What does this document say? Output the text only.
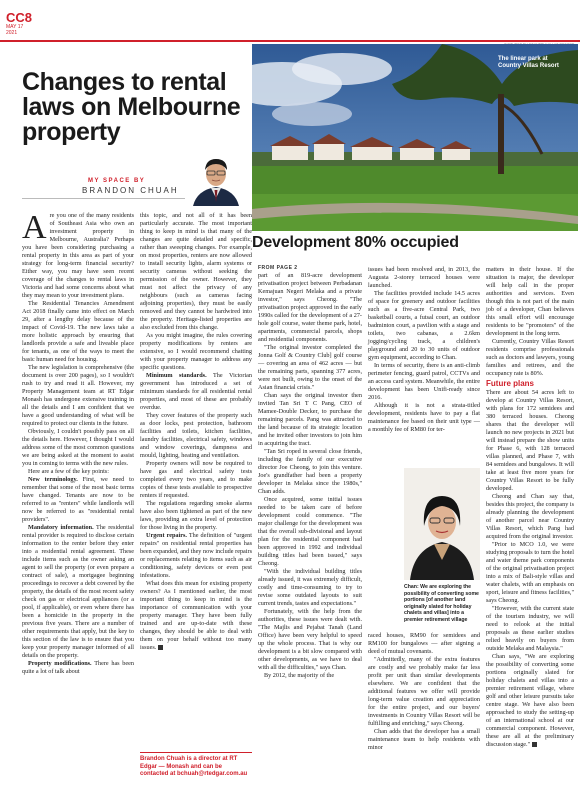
CC8
MAY 17
2021
Changes to rental laws on Melbourne property
MY SPACE BY
BRANDON CHUAH
The linear park at Country Villas Resort

Are you one of the many residents of Southeast Asia who own an investment property in Melbourne, Australia? Perhaps you have been considering purchasing a rental property in this area as part of your strategy for long-term financial security? Either way, you may have seen recent coverage of the changes to rental laws in Victoria and had some concerns about what they may mean to your investment plans.

The Residential Tenancies Amendment Act 2018 finally came into effect on March 29, after a lengthy delay because of the impact of Covid-19. The new laws take a more holistic approach by ensuring that landlords provide a safe and liveable place for tenants, as one of the ways to meet the basic human need for housing.

The new legislation is comprehensive (the document is over 200 pages), so I wouldn't rush to try and read it all. However, my Property Management team at RT Edgar Monash has undergone extensive training in all the details and I am confident that we have a good understanding of what will be required to protect our clients in the future.

Obviously, I couldn't possibly pass on all the details here. However, I thought I would address some of the most common questions we are being asked at the moment to assist you in coming to terms with the new rules.

Here are a few of the key points:

New terminology. First, we need to remember that some of the most basic terms have changed. Tenants are now to be referred to as "renters" while landlords will now be referred to as "residential rental providers".

Mandatory information. The residential rental provider is required to disclose certain information to the renter before they enter into a residential rental agreement. These include items such as the owner asking an agent to sell the property (or even prepare a contract of sale), a mortgagee beginning proceedings to recover a debt covered by the property, the details of the most recent safety check on gas or electrical appliances (or a pool, if applicable), or even where there has been a homicide in the property in the previous five years. There are a number of other requirements that apply, but the key to this section of the law is to ensure that you keep your property manager informed of all details on the property.

Property modifications. There has been quite a lot of talk about

this topic, and not all of it has been particularly accurate. The most important thing to keep in mind is that many of the changes are quite detailed and specific, rather than sweeping changes. For example, on most properties, renters are now allowed to install security lights, alarm systems or security cameras without seeking the permission of the owner. However, they must not affect the privacy of any neighbours (such as cameras facing adjoining properties), they must be easily removed and they cannot be hardwired into the property. Heritage-listed properties are also excluded from this change.

As you might imagine, the rules covering property modifications by renters are extensive, so I would recommend chatting with your property manager to address any specific questions.

Minimum standards. The Victorian government has introduced a set of minimum standards for all residential rental properties, and most of these are probably overdue.

They cover features of the property such as door locks, pest protection, bathroom facilities and toilets, kitchen facilities, laundry facilities, electrical safety, windows and window coverings, dampness and mould, lighting, heating and ventilation.

Property owners will now be required to have gas and electrical safety tests completed every two years, and to make copies of these tests available to prospective renters if requested.

The regulations regarding smoke alarms have also been tightened as part of the new laws, providing an extra level of protection for those living in the property.

Urgent repairs. The definition of "urgent repairs" on residential rental properties has been expanded, and they now include repairs or replacements relating to items such as air conditioning, safety devices or even pest infestations.

What does this mean for existing property owners? As I mentioned earlier, the most important thing to keep in mind is the importance of communication with your property manager. They have been fully trained and are up-to-date with these changes, they should be able to deal with them on your behalf without too many issues.

Brandon Chuah is a director at RT Edgar — Monash and can be contacted at bchuah@rtedgar.com.au
Development 80% occupied
FROM PAGE 2

part of an 819-acre development privatisation project between Perbadanan Kemajuan Negeri Melaka and a private investor," says Cheong. "The privatisation project approved in the early 1990s called for the development of a 27-hole golf course, water theme park, hotel, apartments, commercial parcels, shops and residential components.

"The original investor completed the Jonna Golf & Country Club] golf course — covering an area of 462 acres — but the remaining parts, spanning 377 acres, were not built, owing to the onset of the Asian financial crisis."

Chan says the original investor then invited Tan Sri T C Pang, CEO of Mamee-Double Decker, to purchase the remaining parcels. Pang was attracted to the land because of its strategic location and he invited other investors to join him in acquiring the tract.

"Tan Sri roped in several close friends, including the family of our executive director Joe Cheong, to join this venture. Joe's grandfather had been a property developer in Melaka since the 1980s," Chan adds.

Once acquired, some initial issues needed to be taken care of before development could commence. "The major challenge for the development was that the overall sub-divisional and layout plan for the residential component had been approved in 1992 and individual building titles had been issued," says Cheong.

"With the individual building titles already issued, it was extremely difficult, costly and time-consuming to try to revise some outdated layouts to suit current trends, tastes and expectations."

Fortunately, with the help from the authorities, these issues were dealt with. "The Majlis and Pejabat Tanah (Land Office) have been very helpful to speed up the whole process. That is why our development is a bit slow compared with other developments, as we have to deal with all the difficulties," says Chan.

By 2012, the majority of the

issues had been resolved and, in 2013, the Augusta 2-storey terraced houses were launched.

The facilities provided include 14.5 acres of space for greenery and outdoor facilities such as a five-acre Central Park, two basketball courts, a futsal court, an outdoor badminton court, a pavilion with a stage and toilets, two cabanas, a 2.6km jogging/cycling track, a children's playground and 20 to 30 units of outdoor gym equipment, according to Chan.

In terms of security, there is an anti-climb perimeter fencing, guard patrol, CCTVs and an access card system. Meanwhile, the entire development has been Unifi-ready since 2016.

Although it is not a strata-titled development, residents have to pay a flat maintenance fee based on their unit type — a monthly fee of RM80 for ter-

Chan: We are exploring the possibility of converting some portions [of another land originally slated for holiday chalets and villas] into a premier retirement village

raced houses, RM90 for semidees and RM100 for bungalows — after signing a deed of mutual covenants.

"Admittedly, many of the extra features are costly and we probably make far less profit per unit than similar developments elsewhere. We are confident that the additional features we offer will provide long-term value creation and appreciation for the entire project, and our buyers' investments in Country Villas Resort will be fulfilling and enriching," says Cheong.

Chan adds that the developer has a small maintenance team to help residents with minor

matters in their house. If the situation is major, the developer will help call in the proper authorities and services. Even though this is not part of the main job of a developer, Chan believes this small effort will encourage residents to be "promoters" of the development in the long term.

Currently, Country Villas Resort residents comprise professionals such as doctors and lawyers, young families and retirees, and the occupancy rate is 80%.

Future plans

There are about 54 acres left to develop at Country Villas Resort, with plans for 172 semidees and 380 terraced houses. Cheong shares that the developer will launch no new projects in 2021 but will instead prepare the show units for Phase 6, with 128 terraced villas planned, and Phase 7, with 84 semidees and bungalows. It will take at least five more years for Country Villas Resort to be fully developed.

Cheong and Chan say that, besides this project, the company is already planning the development of another parcel near Country Villas Resort, which Pang had acquired from the original investor.

"Prior to MCO 1.0, we were studying proposals to turn the hotel and water theme park components of the original privatisation project into a mix of Bali-style villas and water chalets, with an emphasis on sport, leisure and fitness facilities," says Cheong.

"However, with the current state of the tourism industry, we will need to relook at the initial proposals as these earlier studies relied heavily on buyers from outside Melaka and Malaysia."

Chan says, "We are exploring the possibility of converting some portions originally slated for holiday chalets and villas into a premier retirement village, where golf and other leisure pursuits take centre stage. We have also been approached to study the setting-up of an international school at our commercial component. However, these are all at the preliminary discussion stage."
